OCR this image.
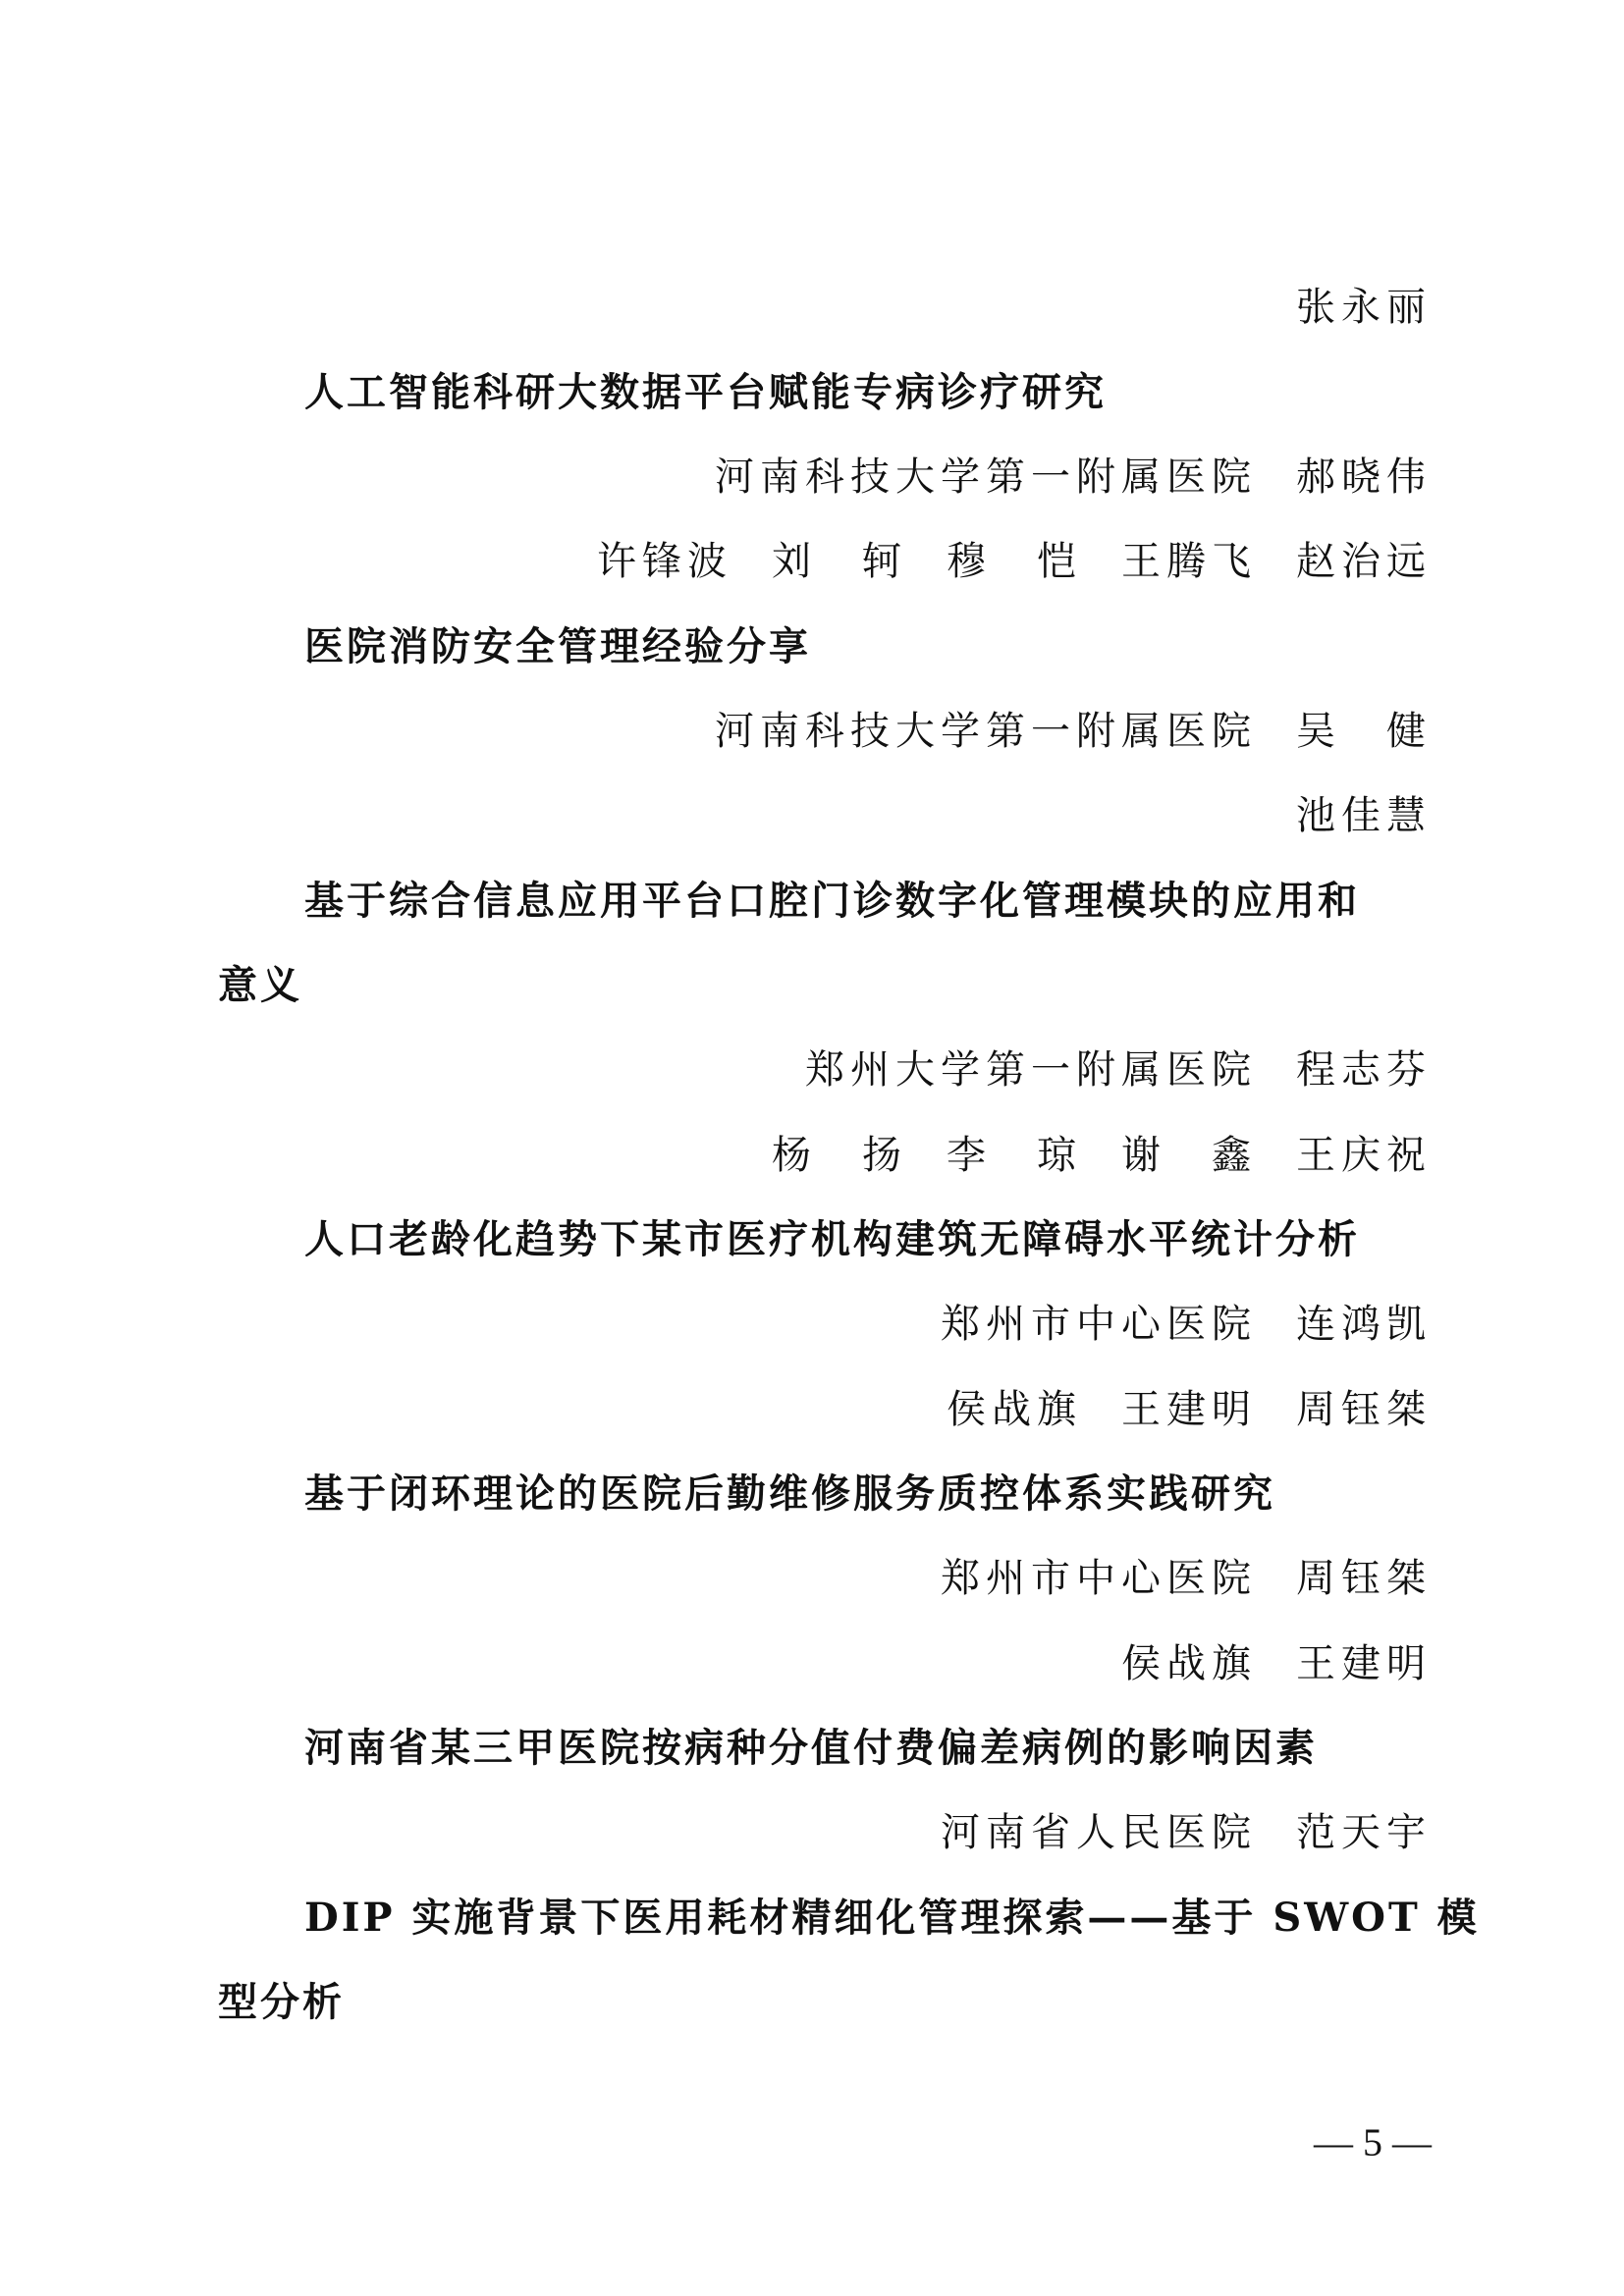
张永丽
人工智能科研大数据平台赋能专病诊疗研究
河南科技大学第一附属医院 郝晓伟
许锋波 刘　轲 穆　恺 王腾飞 赵治远
医院消防安全管理经验分享
河南科技大学第一附属医院 吴　健
池佳慧
基于综合信息应用平台口腔门诊数字化管理模块的应用和
意义
郑州大学第一附属医院 程志芬
杨　扬 李　琼 谢　鑫 王庆祝
人口老龄化趋势下某市医疗机构建筑无障碍水平统计分析
郑州市中心医院 连鸿凯
侯战旗 王建明 周钰桀
基于闭环理论的医院后勤维修服务质控体系实践研究
郑州市中心医院 周钰桀
侯战旗 王建明
河南省某三甲医院按病种分值付费偏差病例的影响因素
河南省人民医院 范天宇
DIP 实施背景下医用耗材精细化管理探索——基于 SWOT 模
型分析
— 5 —
